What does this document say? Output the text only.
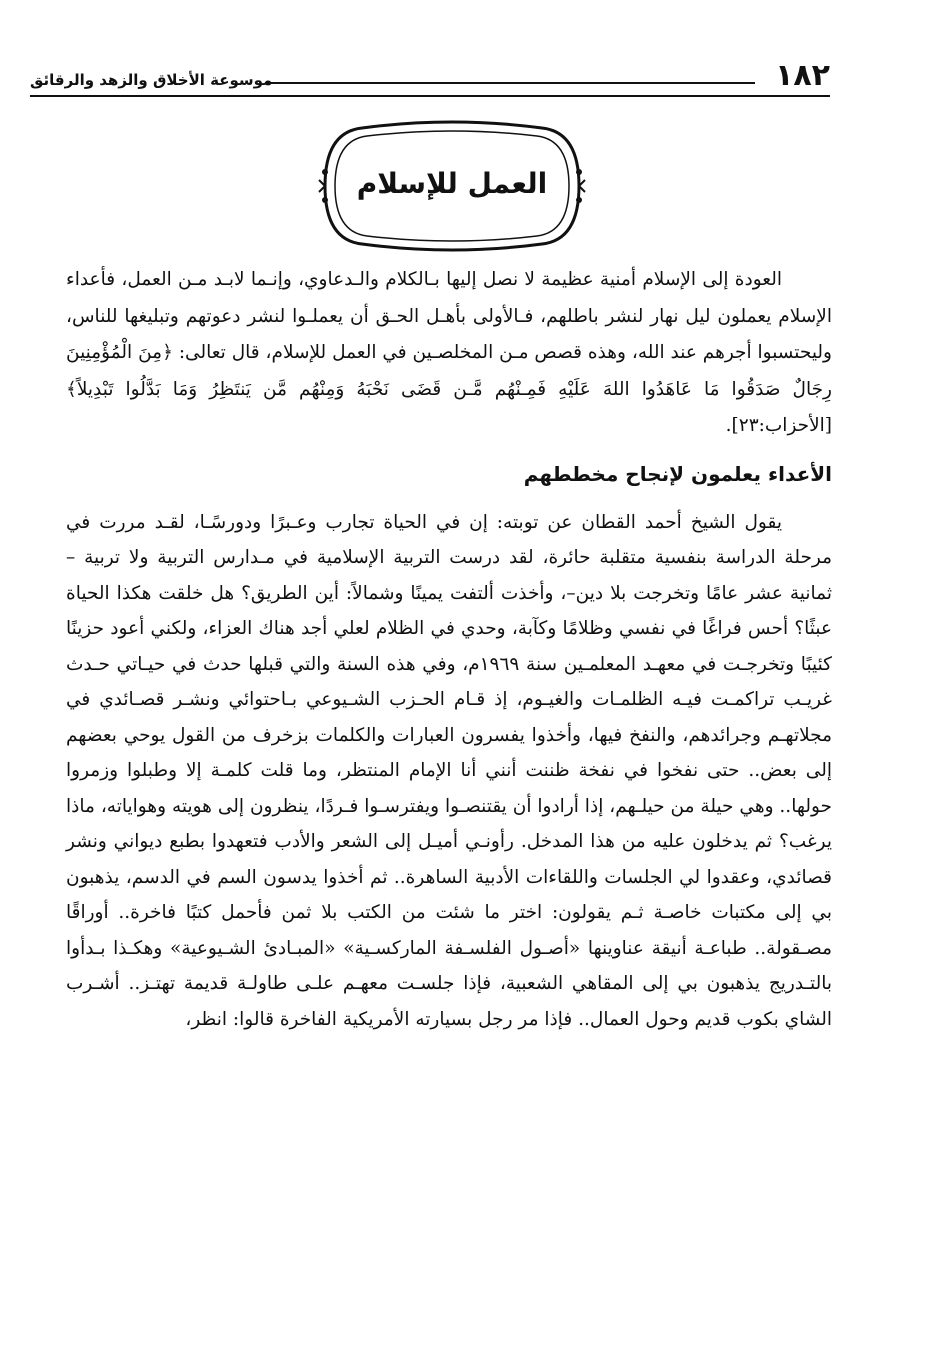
١٨٢
موسوعة الأخلاق والزهد والرقائق
العمل للإسلام

العودة إلى الإسلام أمنية عظيمة لا نصل إليها بـالكلام والـدعاوي، وإنـما لابـد مـن العمل، فأعداء الإسلام يعملون ليل نهار لنشر باطلهم، فـالأولى بأهـل الحـق أن يعملـوا لنشر دعوتهم وتبليغها للناس، وليحتسبوا أجرهم عند الله، وهذه قصص مـن المخلصـين في العمل للإسلام، قال تعالى: ﴿مِنَ الْمُؤْمِنِينَ رِجَالٌ صَدَقُوا مَا عَاهَدُوا اللهَ عَلَيْهِ فَمِـنْهُم مَّـن قَضَى نَحْبَهُ وَمِنْهُم مَّن يَنتَظِرُ وَمَا بَدَّلُوا تَبْدِيلاً﴾ [الأحزاب:٢٣].

الأعداء يعلمون لإنجاح مخططهم

يقول الشيخ أحمد القطان عن توبته: إن في الحياة تجارب وعـبرًا ودورسًـا، لقـد مررت في مرحلة الدراسة بنفسية متقلبة حائرة، لقد درست التربية الإسلامية في مـدارس التربية ولا تربية –ثمانية عشر عامًا وتخرجت بلا دين–، وأخذت ألتفت يمينًا وشمالاً: أين الطريق؟ هل خلقت هكذا الحياة عبثًا؟ أحس فراغًا في نفسي وظلامًا وكآبة، وحدي في الظلام لعلي أجد هناك العزاء، ولكني أعود حزينًا كئيبًا وتخرجـت في معهـد المعلمـين سنة ١٩٦٩م، وفي هذه السنة والتي قبلها حدث في حيـاتي حـدث غريـب تراكمـت فيـه الظلمـات والغيـوم، إذ قـام الحـزب الشـيوعي بـاحتوائي ونشـر قصـائدي في مجلاتهـم وجرائدهم، والنفخ فيها، وأخذوا يفسرون العبارات والكلمات بزخرف من القول يوحي بعضهم إلى بعض.. حتى نفخوا في نفخة ظننت أنني أنا الإمام المنتظر، وما قلت كلمـة إلا وطبلوا وزمروا حولها.. وهي حيلة من حيلـهم، إذا أرادوا أن يقتنصـوا ويفترسـوا فـردًا، ينظرون إلى هويته وهواياته، ماذا يرغب؟ ثم يدخلون عليه من هذا المدخل. رأونـي أميـل إلى الشعر والأدب فتعهدوا بطبع ديواني ونشر قصائدي، وعقدوا لي الجلسات واللقاءات الأدبية الساهرة.. ثم أخذوا يدسون السم في الدسم، يذهبون بي إلى مكتبات خاصـة ثـم يقولون: اختر ما شئت من الكتب بلا ثمن فأحمل كتبًا فاخرة.. أوراقًا مصـقولة.. طباعـة أنيقة عناوينها «أصـول الفلسـفة الماركسـية» «المبـادئ الشـيوعية» وهكـذا بـدأوا بالتـدريج يذهبون بي إلى المقاهي الشعبية، فإذا جلسـت معهـم علـى طاولـة قديمة تهتـز.. أشـرب الشاي بكوب قديم وحول العمال.. فإذا مر رجل بسيارته الأمريكية الفاخرة قالوا: انظر،
